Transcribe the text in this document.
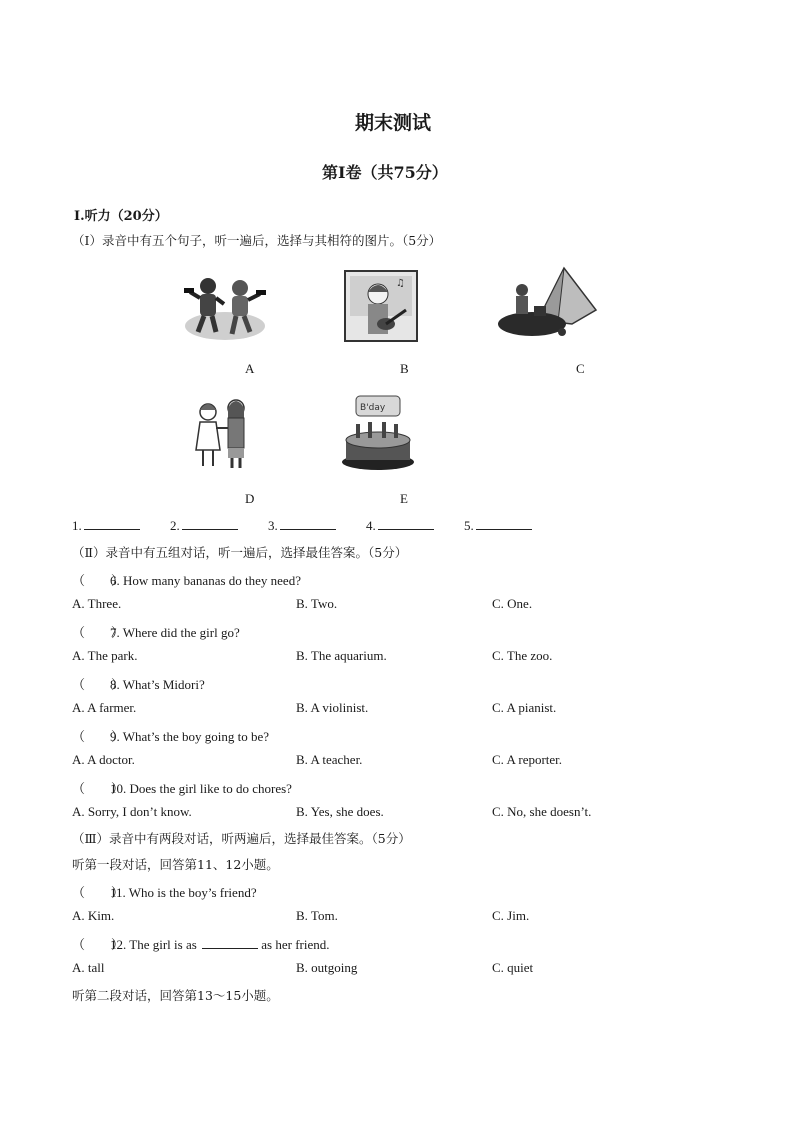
期末测试
第Ⅰ卷（共75分）
Ⅰ.听力（20分）
（Ⅰ）录音中有五个句子，听一遍后，选择与其相符的图片。（5分）
♫
B'day
A	B	C
D	E
1.	2.	3.	4.	5.
（Ⅱ）录音中有五组对话，听一遍后，选择最佳答案。（5分）
（　　）6. How many bananas do they need?
A. Three.	B. Two.	C. One.
（　　）7. Where did the girl go?
A. The park.	B. The aquarium.	C. The zoo.
（　　）8. What’s Midori?
A. A farmer.	B. A violinist.	C. A pianist.
（　　）9. What’s the boy going to be?
A. A doctor.	B. A teacher.	C. A reporter.
（　　）10. Does the girl like to do chores?
A. Sorry, I don’t know.	B. Yes, she does.	C. No, she doesn’t.
（Ⅲ）录音中有两段对话，听两遍后，选择最佳答案。（5分）
听第一段对话，回答第11、12小题。
（　　）11. Who is the boy’s friend?
A. Kim.	B. Tom.	C. Jim.
（　　）12. The girl is as	as her friend.
A. tall	B. outgoing	C. quiet
听第二段对话，回答第13～15小题。
